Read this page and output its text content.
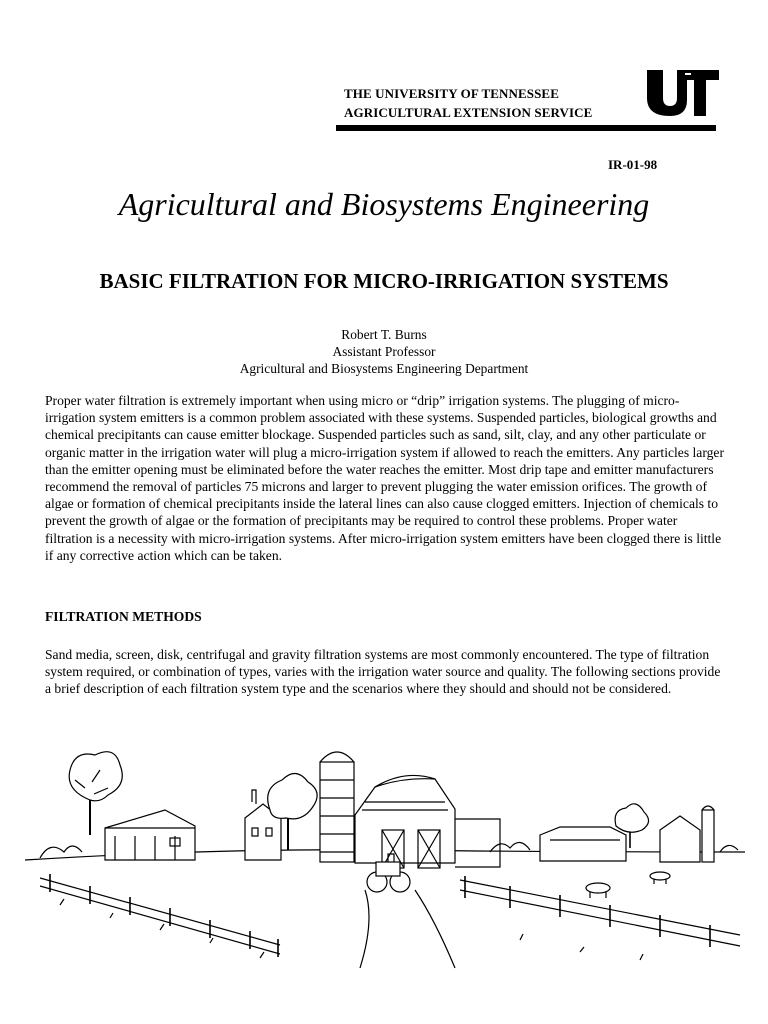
THE UNIVERSITY OF TENNESSEE
AGRICULTURAL EXTENSION SERVICE
IR-01-98
Agricultural and Biosystems Engineering
BASIC FILTRATION FOR MICRO-IRRIGATION SYSTEMS
Robert T. Burns
Assistant Professor
Agricultural and Biosystems Engineering Department
Proper water filtration is extremely important when using micro or “drip” irrigation systems. The plugging of micro-irrigation system emitters is a common problem associated with these systems. Suspended particles, biological growths and chemical precipitants can cause emitter blockage. Suspended particles such as sand, silt, clay, and any other particulate or organic matter in the irrigation water will plug a micro-irrigation system if allowed to reach the emitters. Any particles larger than the emitter opening must be eliminated before the water reaches the emitter. Most drip tape and emitter manufacturers recommend the removal of particles 75 microns and larger to prevent plugging the water emission orifices. The growth of algae or formation of chemical precipitants inside the lateral lines can also cause clogged emitters. Injection of chemicals to prevent the growth of algae or the formation of precipitants may be required to control these problems. Proper water filtration is a necessity with micro-irrigation systems. After micro-irrigation system emitters have been clogged there is little if any corrective action which can be taken.
FILTRATION METHODS
Sand media, screen, disk, centrifugal and gravity filtration systems are most commonly encountered. The type of filtration system required, or combination of types, varies with the irrigation water source and quality. The following sections provide a brief description of each filtration system type and the scenarios where they should and should not be considered.
